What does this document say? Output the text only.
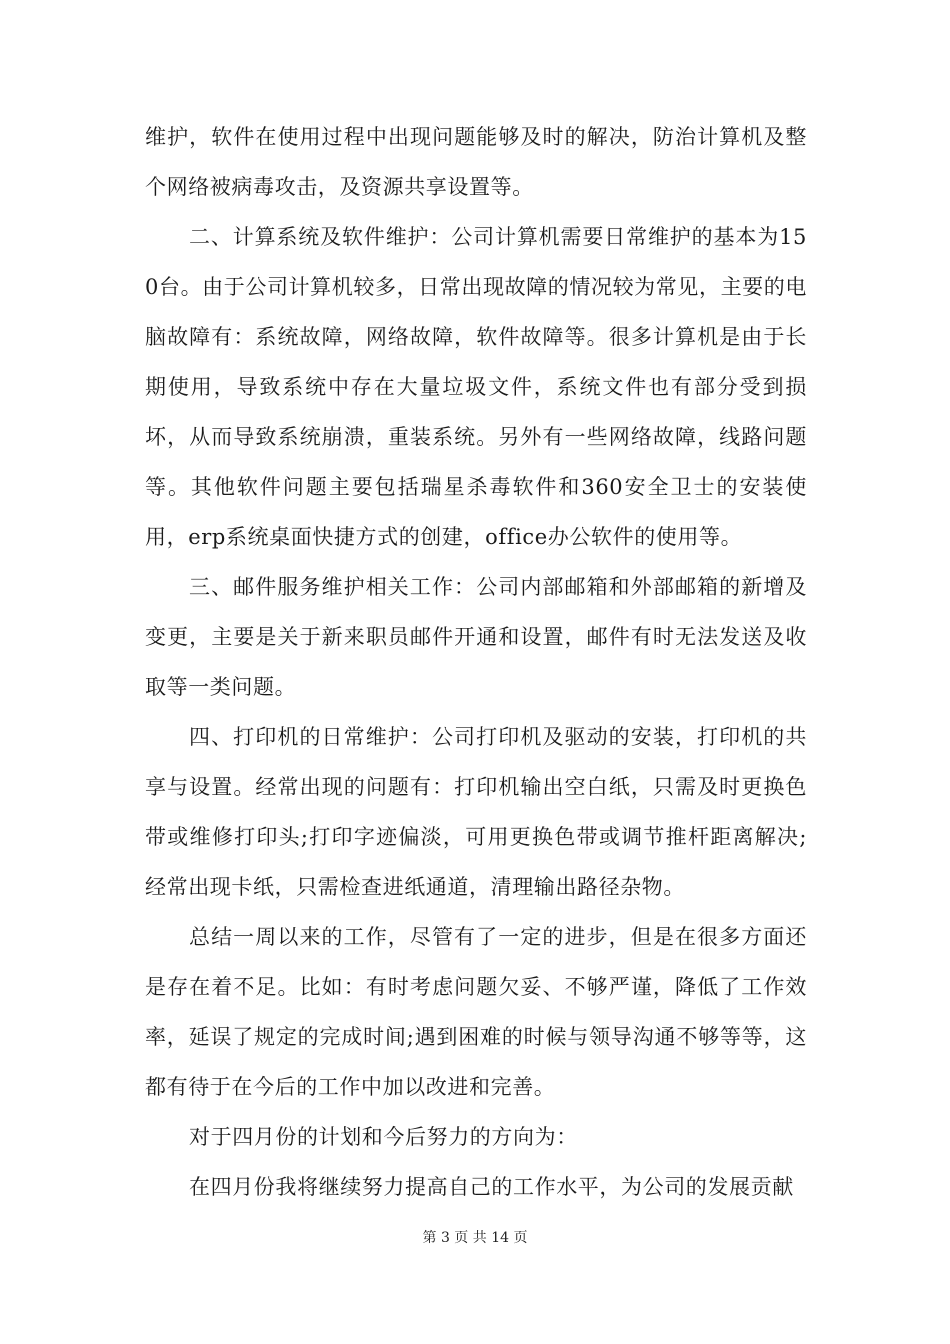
维护，软件在使用过程中出现问题能够及时的解决，防治计算机及整个网络被病毒攻击，及资源共享设置等。

二、计算系统及软件维护：公司计算机需要日常维护的基本为150台。由于公司计算机较多，日常出现故障的情况较为常见，主要的电脑故障有：系统故障，网络故障，软件故障等。很多计算机是由于长期使用，导致系统中存在大量垃圾文件，系统文件也有部分受到损坏，从而导致系统崩溃，重装系统。另外有一些网络故障，线路问题等。其他软件问题主要包括瑞星杀毒软件和360安全卫士的安装使用，erp系统桌面快捷方式的创建，office办公软件的使用等。

三、邮件服务维护相关工作：公司内部邮箱和外部邮箱的新增及变更，主要是关于新来职员邮件开通和设置，邮件有时无法发送及收取等一类问题。

四、打印机的日常维护：公司打印机及驱动的安装，打印机的共享与设置。经常出现的问题有：打印机输出空白纸，只需及时更换色带或维修打印头;打印字迹偏淡，可用更换色带或调节推杆距离解决;经常出现卡纸，只需检查进纸通道，清理输出路径杂物。

总结一周以来的工作，尽管有了一定的进步，但是在很多方面还是存在着不足。比如：有时考虑问题欠妥、不够严谨，降低了工作效率，延误了规定的完成时间;遇到困难的时候与领导沟通不够等等，这都有待于在今后的工作中加以改进和完善。

对于四月份的计划和今后努力的方向为：

在四月份我将继续努力提高自己的工作水平，为公司的发展贡献

第 3 页 共 14 页
